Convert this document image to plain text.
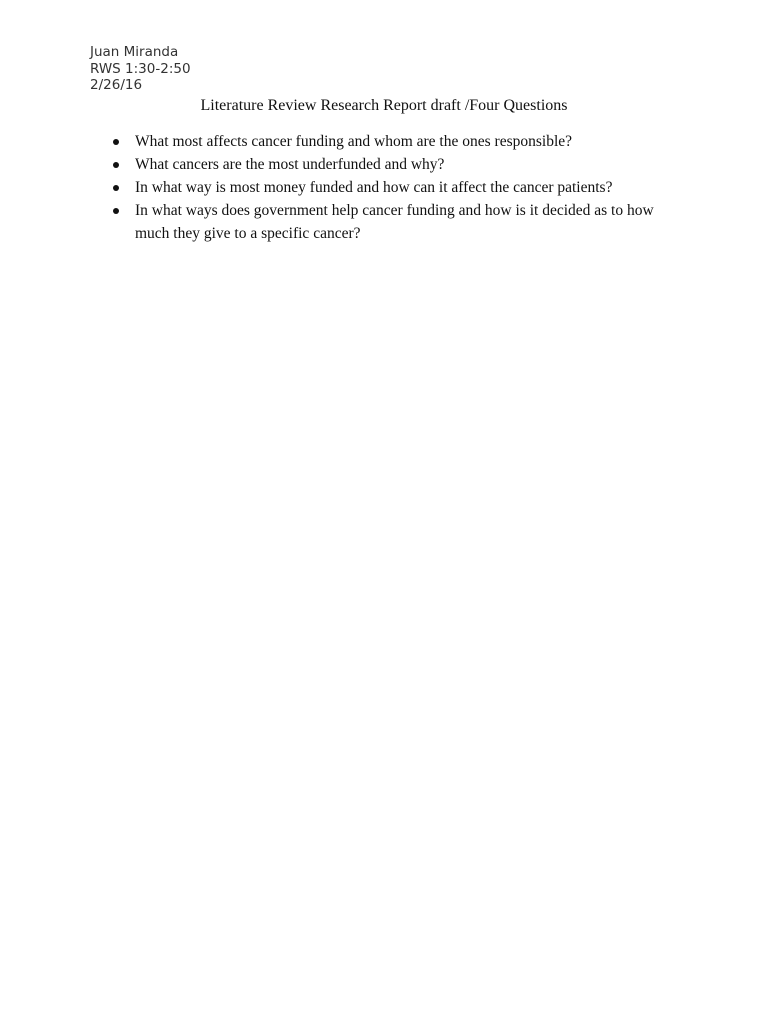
Juan Miranda
RWS 1:30-2:50
2/26/16
Literature Review Research Report draft /Four Questions
What most affects cancer funding and whom are the ones responsible?
What cancers are the most underfunded and why?
In what way is most money funded and how can it affect the cancer patients?
In what ways does government help cancer funding and how is it decided as to how much they give to a specific cancer?
